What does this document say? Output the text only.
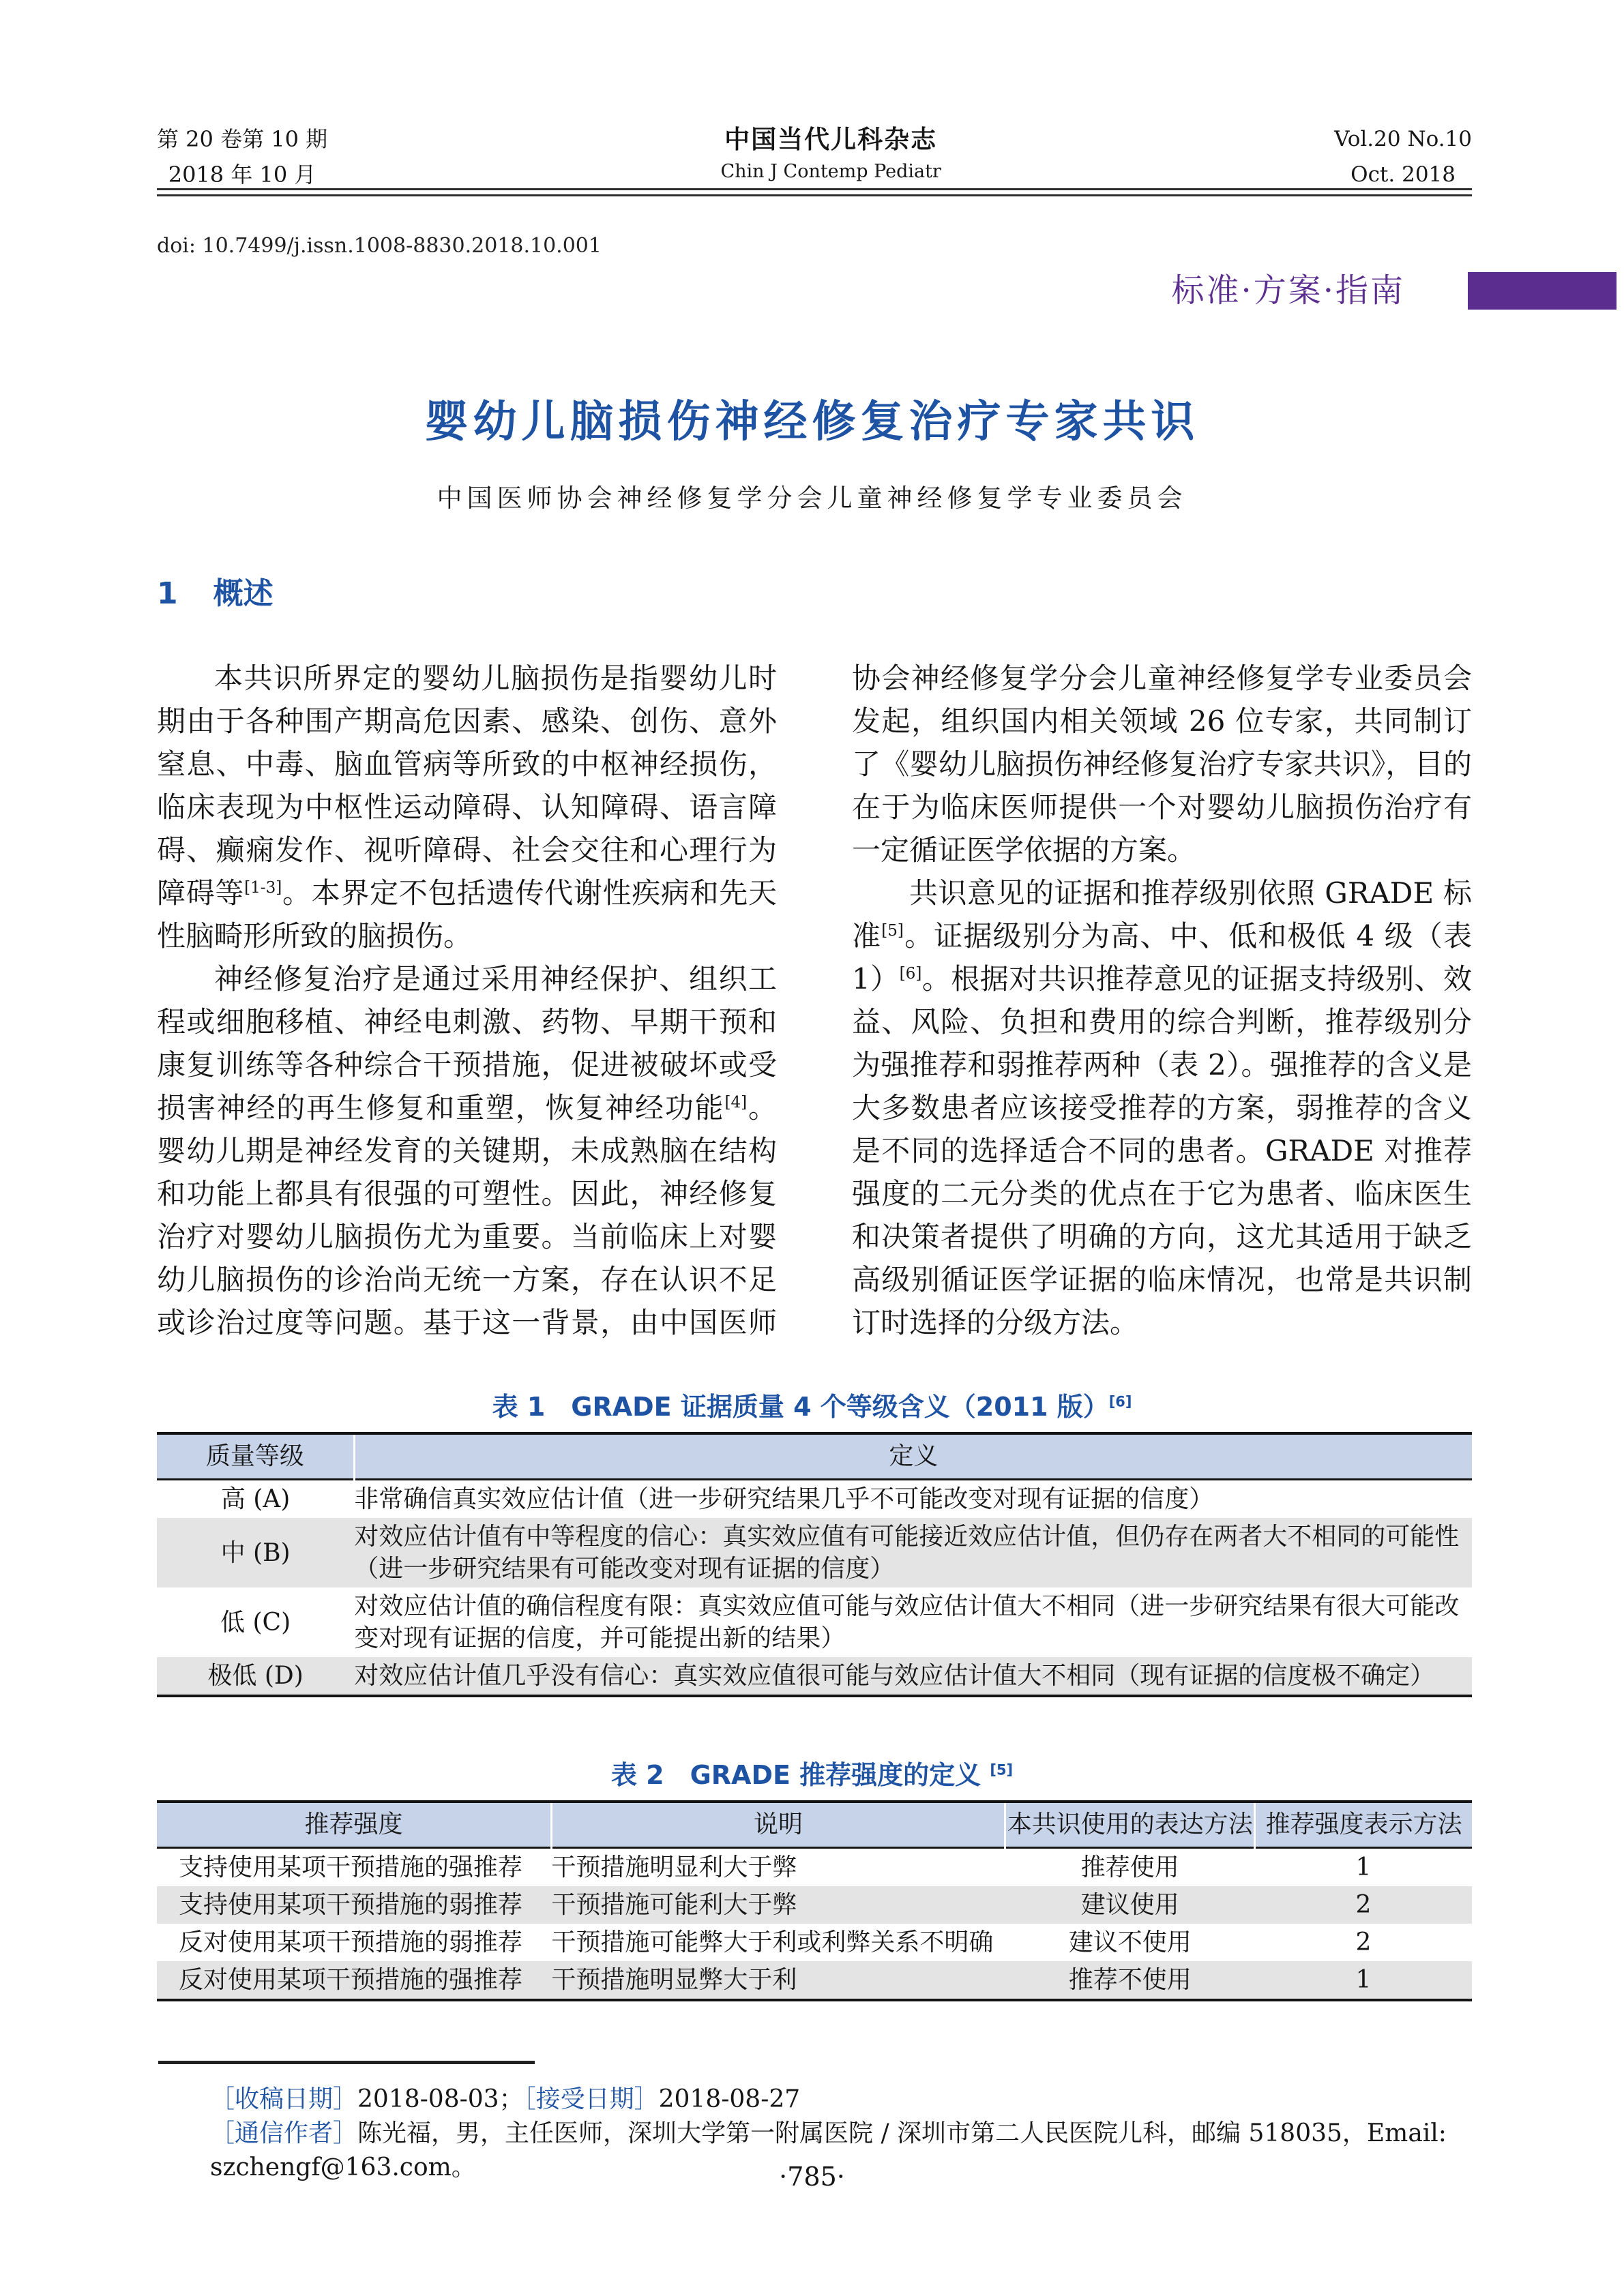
第 20 卷第 10 期
2018 年 10 月
中国当代儿科杂志
Chin J Contemp Pediatr
Vol.20 No.10
Oct. 2018
doi: 10.7499/j.issn.1008-8830.2018.10.001
标准·方案·指南
婴幼儿脑损伤神经修复治疗专家共识
中国医师协会神经修复学分会儿童神经修复学专业委员会
1 概述

本共识所界定的婴幼儿脑损伤是指婴幼儿时期由于各种围产期高危因素、感染、创伤、意外窒息、中毒、脑血管病等所致的中枢神经损伤，临床表现为中枢性运动障碍、认知障碍、语言障碍、癫痫发作、视听障碍、社会交往和心理行为障碍等[1-3]。本界定不包括遗传代谢性疾病和先天性脑畸形所致的脑损伤。

神经修复治疗是通过采用神经保护、组织工程或细胞移植、神经电刺激、药物、早期干预和康复训练等各种综合干预措施，促进被破坏或受损害神经的再生修复和重塑，恢复神经功能[4]。婴幼儿期是神经发育的关键期，未成熟脑在结构和功能上都具有很强的可塑性。因此，神经修复治疗对婴幼儿脑损伤尤为重要。当前临床上对婴幼儿脑损伤的诊治尚无统一方案，存在认识不足或诊治过度等问题。基于这一背景，由中国医师协会神经修复学分会儿童神经修复学专业委员会发起，组织国内相关领域 26 位专家，共同制订了《婴幼儿脑损伤神经修复治疗专家共识》，目的在于为临床医师提供一个对婴幼儿脑损伤治疗有一定循证医学依据的方案。

共识意见的证据和推荐级别依照 GRADE 标准[5]。证据级别分为高、中、低和极低 4 级（表 1）[6]。根据对共识推荐意见的证据支持级别、效益、风险、负担和费用的综合判断，推荐级别分为强推荐和弱推荐两种（表 2）。强推荐的含义是大多数患者应该接受推荐的方案，弱推荐的含义是不同的选择适合不同的患者。GRADE 对推荐强度的二元分类的优点在于它为患者、临床医生和决策者提供了明确的方向，这尤其适用于缺乏高级别循证医学证据的临床情况，也常是共识制订时选择的分级方法。

表 1　GRADE 证据质量 4 个等级含义（2011 版）[6]
质量等级	定义
高 (A)	非常确信真实效应估计值（进一步研究结果几乎不可能改变对现有证据的信度）
中 (B)	对效应估计值有中等程度的信心：真实效应值有可能接近效应估计值，但仍存在两者大不相同的可能性（进一步研究结果有可能改变对现有证据的信度）
低 (C)	对效应估计值的确信程度有限：真实效应值可能与效应估计值大不相同（进一步研究结果有很大可能改变对现有证据的信度，并可能提出新的结果）
极低 (D)	对效应估计值几乎没有信心：真实效应值很可能与效应估计值大不相同（现有证据的信度极不确定）
表 2　GRADE 推荐强度的定义 [5]
推荐强度	说明	本共识使用的表达方法	推荐强度表示方法
支持使用某项干预措施的强推荐	干预措施明显利大于弊	推荐使用	1
支持使用某项干预措施的弱推荐	干预措施可能利大于弊	建议使用	2
反对使用某项干预措施的弱推荐	干预措施可能弊大于利或利弊关系不明确	建议不使用	2
反对使用某项干预措施的强推荐	干预措施明显弊大于利	推荐不使用	1
［收稿日期］2018-08-03；［接受日期］2018-08-27
［通信作者］陈光福，男，主任医师，深圳大学第一附属医院 / 深圳市第二人民医院儿科，邮编 518035，Email: szchengf@163.com。	·785·
